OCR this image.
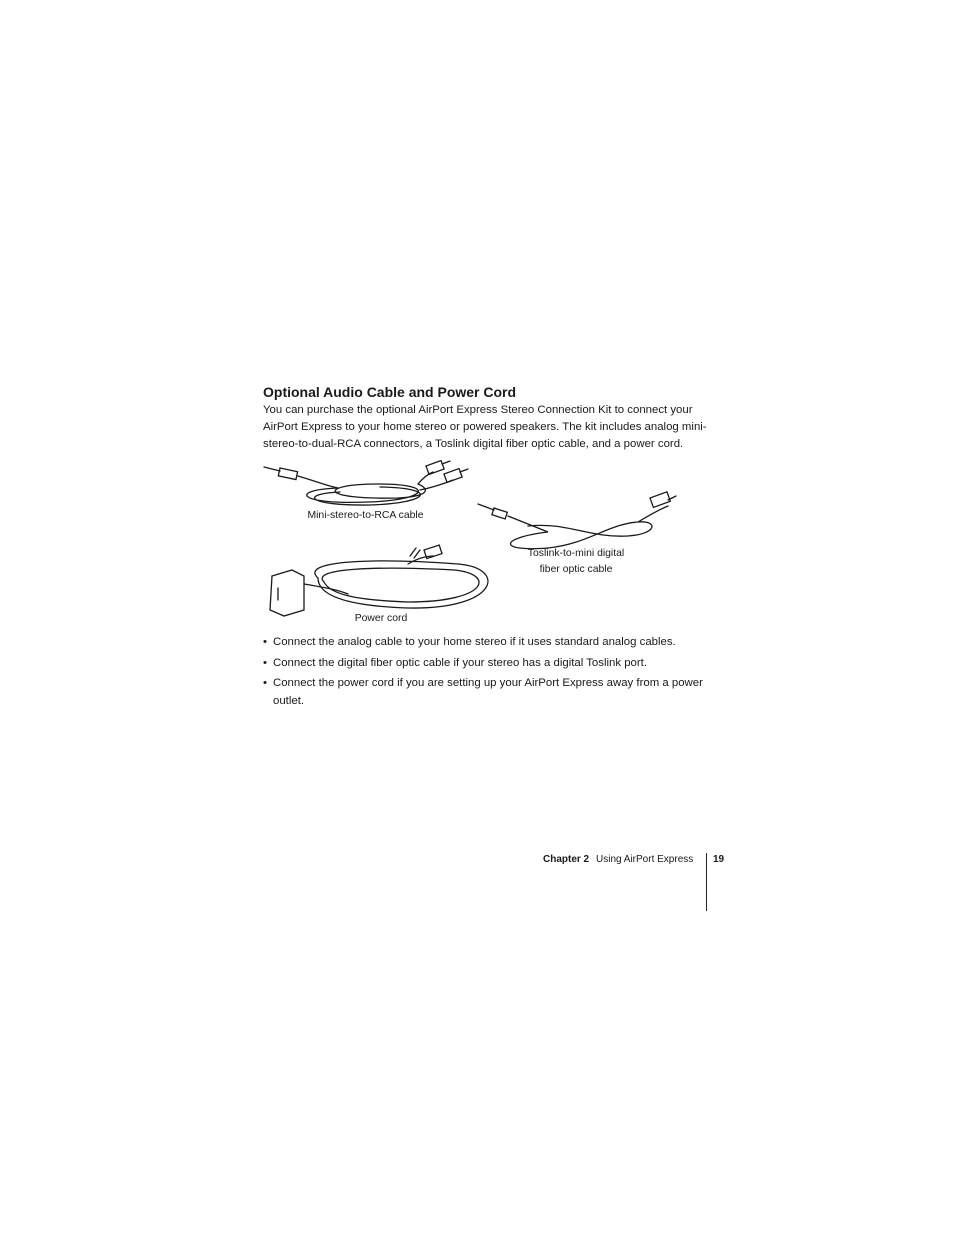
Optional Audio Cable and Power Cord

You can purchase the optional AirPort Express Stereo Connection Kit to connect your AirPort Express to your home stereo or powered speakers. The kit includes analog mini-stereo-to-dual-RCA connectors, a Toslink digital fiber optic cable, and a power cord.

Mini-stereo-to-RCA cable

Toslink-to-mini digital

fiber optic cable

Power cord

• Connect the analog cable to your home stereo if it uses standard analog cables.
• Connect the digital fiber optic cable if your stereo has a digital Toslink port.
• Connect the power cord if you are setting up your AirPort Express away from a power outlet.
Chapter 2 Using AirPort Express 19
